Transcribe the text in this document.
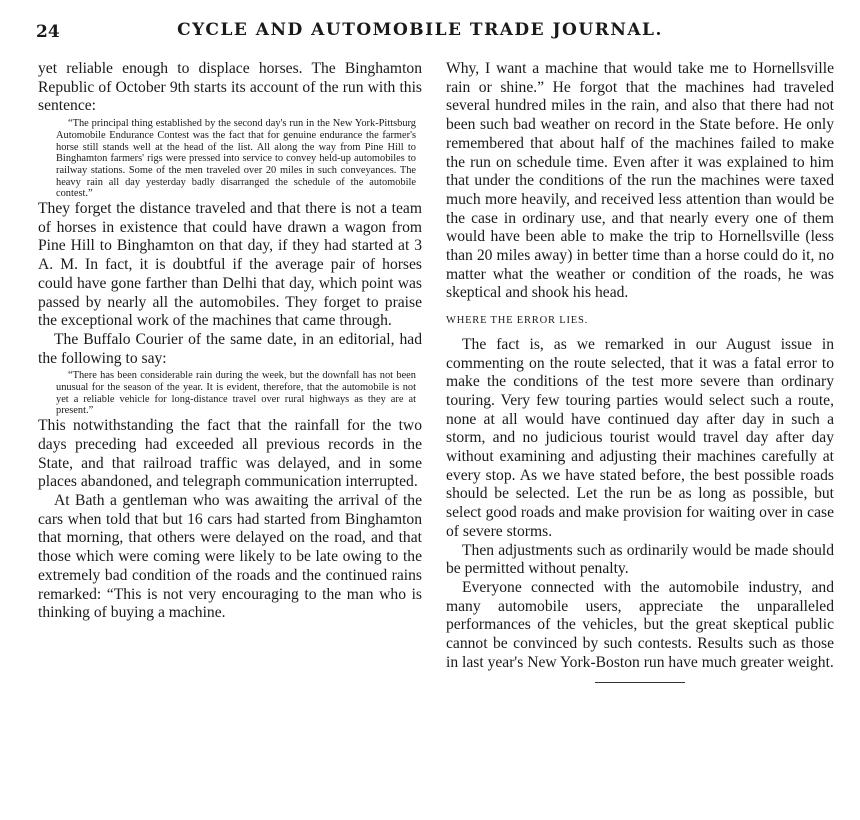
24	CYCLE AND AUTOMOBILE TRADE JOURNAL.

yet reliable enough to displace horses. The Binghamton Republic of October 9th starts its account of the run with this sentence:

“The principal thing established by the second day's run in the New York-Pittsburg Automobile Endurance Contest was the fact that for genuine endurance the farmer's horse still stands well at the head of the list. All along the way from Pine Hill to Binghamton farmers' rigs were pressed into service to convey held-up automobiles to railway stations. Some of the men traveled over 20 miles in such conveyances. The heavy rain all day yesterday badly disarranged the schedule of the automobile contest.”

They forget the distance traveled and that there is not a team of horses in existence that could have drawn a wagon from Pine Hill to Binghamton on that day, if they had started at 3 A. M. In fact, it is doubtful if the average pair of horses could have gone farther than Delhi that day, which point was passed by nearly all the automobiles. They forget to praise the exceptional work of the machines that came through.

The Buffalo Courier of the same date, in an editorial, had the following to say:

“There has been considerable rain during the week, but the downfall has not been unusual for the season of the year. It is evident, therefore, that the automobile is not yet a reliable vehicle for long-distance travel over rural highways as they are at present.”

This notwithstanding the fact that the rainfall for the two days preceding had exceeded all previous records in the State, and that railroad traffic was delayed, and in some places abandoned, and telegraph communication interrupted.

At Bath a gentleman who was awaiting the arrival of the cars when told that but 16 cars had started from Binghamton that morning, that others were delayed on the road, and that those which were coming were likely to be late owing to the extremely bad condition of the roads and the continued rains remarked: “This is not very encouraging to the man who is thinking of buying a machine.

Why, I want a machine that would take me to Hornellsville rain or shine.” He forgot that the machines had traveled several hundred miles in the rain, and also that there had not been such bad weather on record in the State before. He only remembered that about half of the machines failed to make the run on schedule time. Even after it was explained to him that under the conditions of the run the machines were taxed much more heavily, and received less attention than would be the case in ordinary use, and that nearly every one of them would have been able to make the trip to Hornellsville (less than 20 miles away) in better time than a horse could do it, no matter what the weather or condition of the roads, he was skeptical and shook his head.

WHERE THE ERROR LIES.

The fact is, as we remarked in our August issue in commenting on the route selected, that it was a fatal error to make the conditions of the test more severe than ordinary touring. Very few touring parties would select such a route, none at all would have continued day after day in such a storm, and no judicious tourist would travel day after day without examining and adjusting their machines carefully at every stop. As we have stated before, the best possible roads should be selected. Let the run be as long as possible, but select good roads and make provision for waiting over in case of severe storms.

Then adjustments such as ordinarily would be made should be permitted without penalty.

Everyone connected with the automobile industry, and many automobile users, appreciate the unparalleled performances of the vehicles, but the great skeptical public cannot be convinced by such contests. Results such as those in last year's New York-Boston run have much greater weight.
